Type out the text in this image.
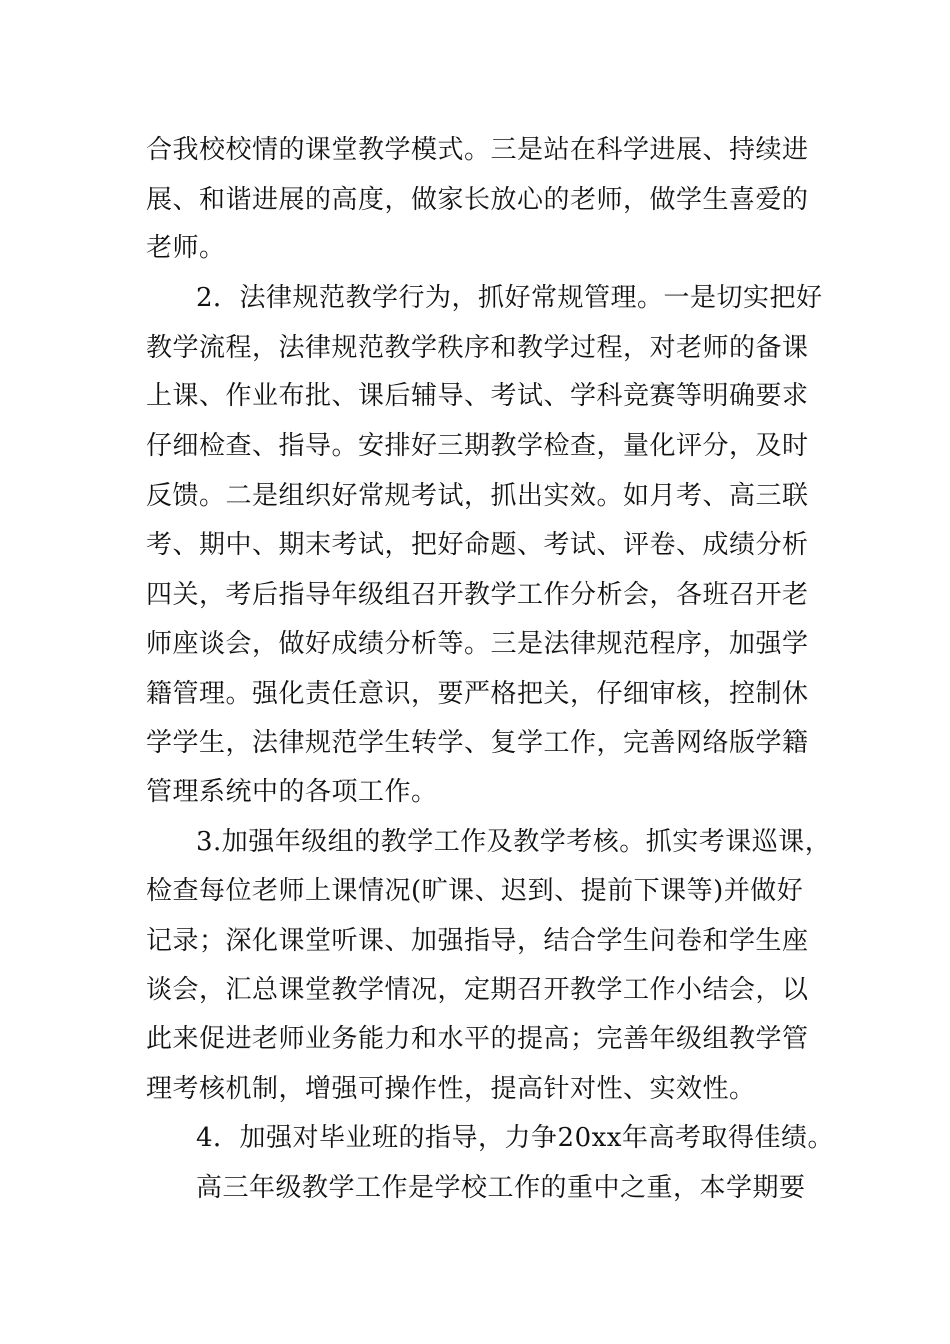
合我校校情的课堂教学模式。三是站在科学进展、持续进
展、和谐进展的高度，做家长放心的老师，做学生喜爱的
老师。
2．法律规范教学行为，抓好常规管理。一是切实把好
教学流程，法律规范教学秩序和教学过程，对老师的备课
上课、作业布批、课后辅导、考试、学科竞赛等明确要求
仔细检查、指导。安排好三期教学检查，量化评分，及时
反馈。二是组织好常规考试，抓出实效。如月考、高三联
考、期中、期末考试，把好命题、考试、评卷、成绩分析
四关，考后指导年级组召开教学工作分析会，各班召开老
师座谈会，做好成绩分析等。三是法律规范程序，加强学
籍管理。强化责任意识，要严格把关，仔细审核，控制休
学学生，法律规范学生转学、复学工作，完善网络版学籍
管理系统中的各项工作。
3.加强年级组的教学工作及教学考核。抓实考课巡课，
检查每位老师上课情况(旷课、迟到、提前下课等)并做好
记录；深化课堂听课、加强指导，结合学生问卷和学生座
谈会，汇总课堂教学情况，定期召开教学工作小结会，以
此来促进老师业务能力和水平的提高；完善年级组教学管
理考核机制，增强可操作性，提高针对性、实效性。
4．加强对毕业班的指导，力争20xx年高考取得佳绩。
高三年级教学工作是学校工作的重中之重，本学期要
